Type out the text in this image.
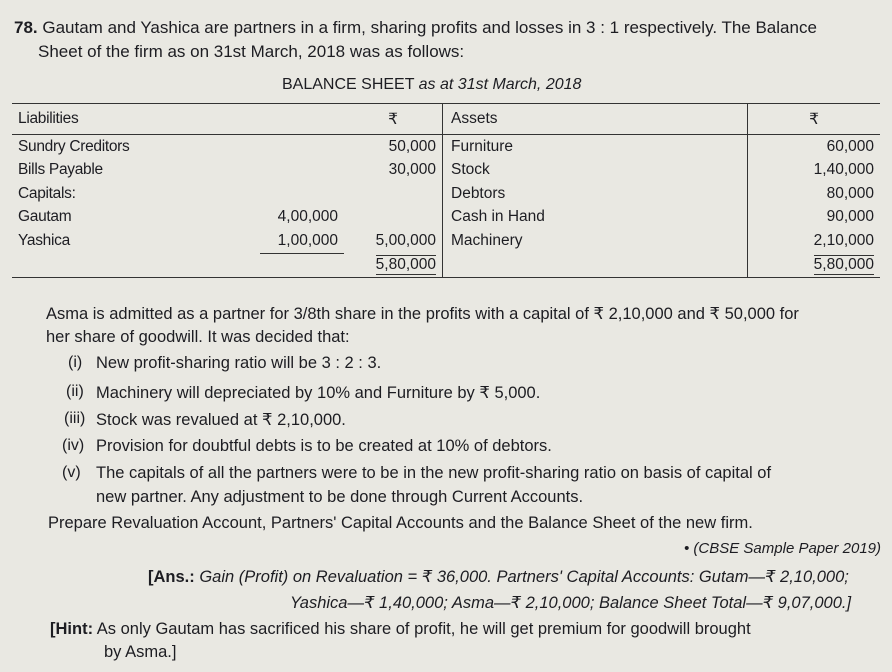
78. Gautam and Yashica are partners in a firm, sharing profits and losses in 3 : 1 respectively. The Balance
Sheet of the firm as on 31st March, 2018 was as follows:
BALANCE SHEET as at 31st March, 2018
Liabilities		₹	Assets	₹
Sundry Creditors		50,000	Furniture	60,000
Bills Payable		30,000	Stock	1,40,000
Capitals:			Debtors	80,000
Gautam	4,00,000		Cash in Hand	90,000
Yashica	1,00,000	5,00,000	Machinery	2,10,000
		5,80,000		5,80,000
Asma is admitted as a partner for 3/8th share in the profits with a capital of ₹ 2,10,000 and ₹ 50,000 for
her share of goodwill. It was decided that:
(i) New profit-sharing ratio will be 3 : 2 : 3.
(ii) Machinery will depreciated by 10% and Furniture by ₹ 5,000.
(iii) Stock was revalued at ₹ 2,10,000.
(iv) Provision for doubtful debts is to be created at 10% of debtors.
(v) The capitals of all the partners were to be in the new profit-sharing ratio on basis of capital of
new partner. Any adjustment to be done through Current Accounts.
Prepare Revaluation Account, Partners' Capital Accounts and the Balance Sheet of the new firm.
• (CBSE Sample Paper 2019)
[Ans.: Gain (Profit) on Revaluation = ₹ 36,000. Partners' Capital Accounts: Gutam—₹ 2,10,000;
Yashica—₹ 1,40,000; Asma—₹ 2,10,000; Balance Sheet Total—₹ 9,07,000.]
[Hint: As only Gautam has sacrificed his share of profit, he will get premium for goodwill brought
by Asma.]
